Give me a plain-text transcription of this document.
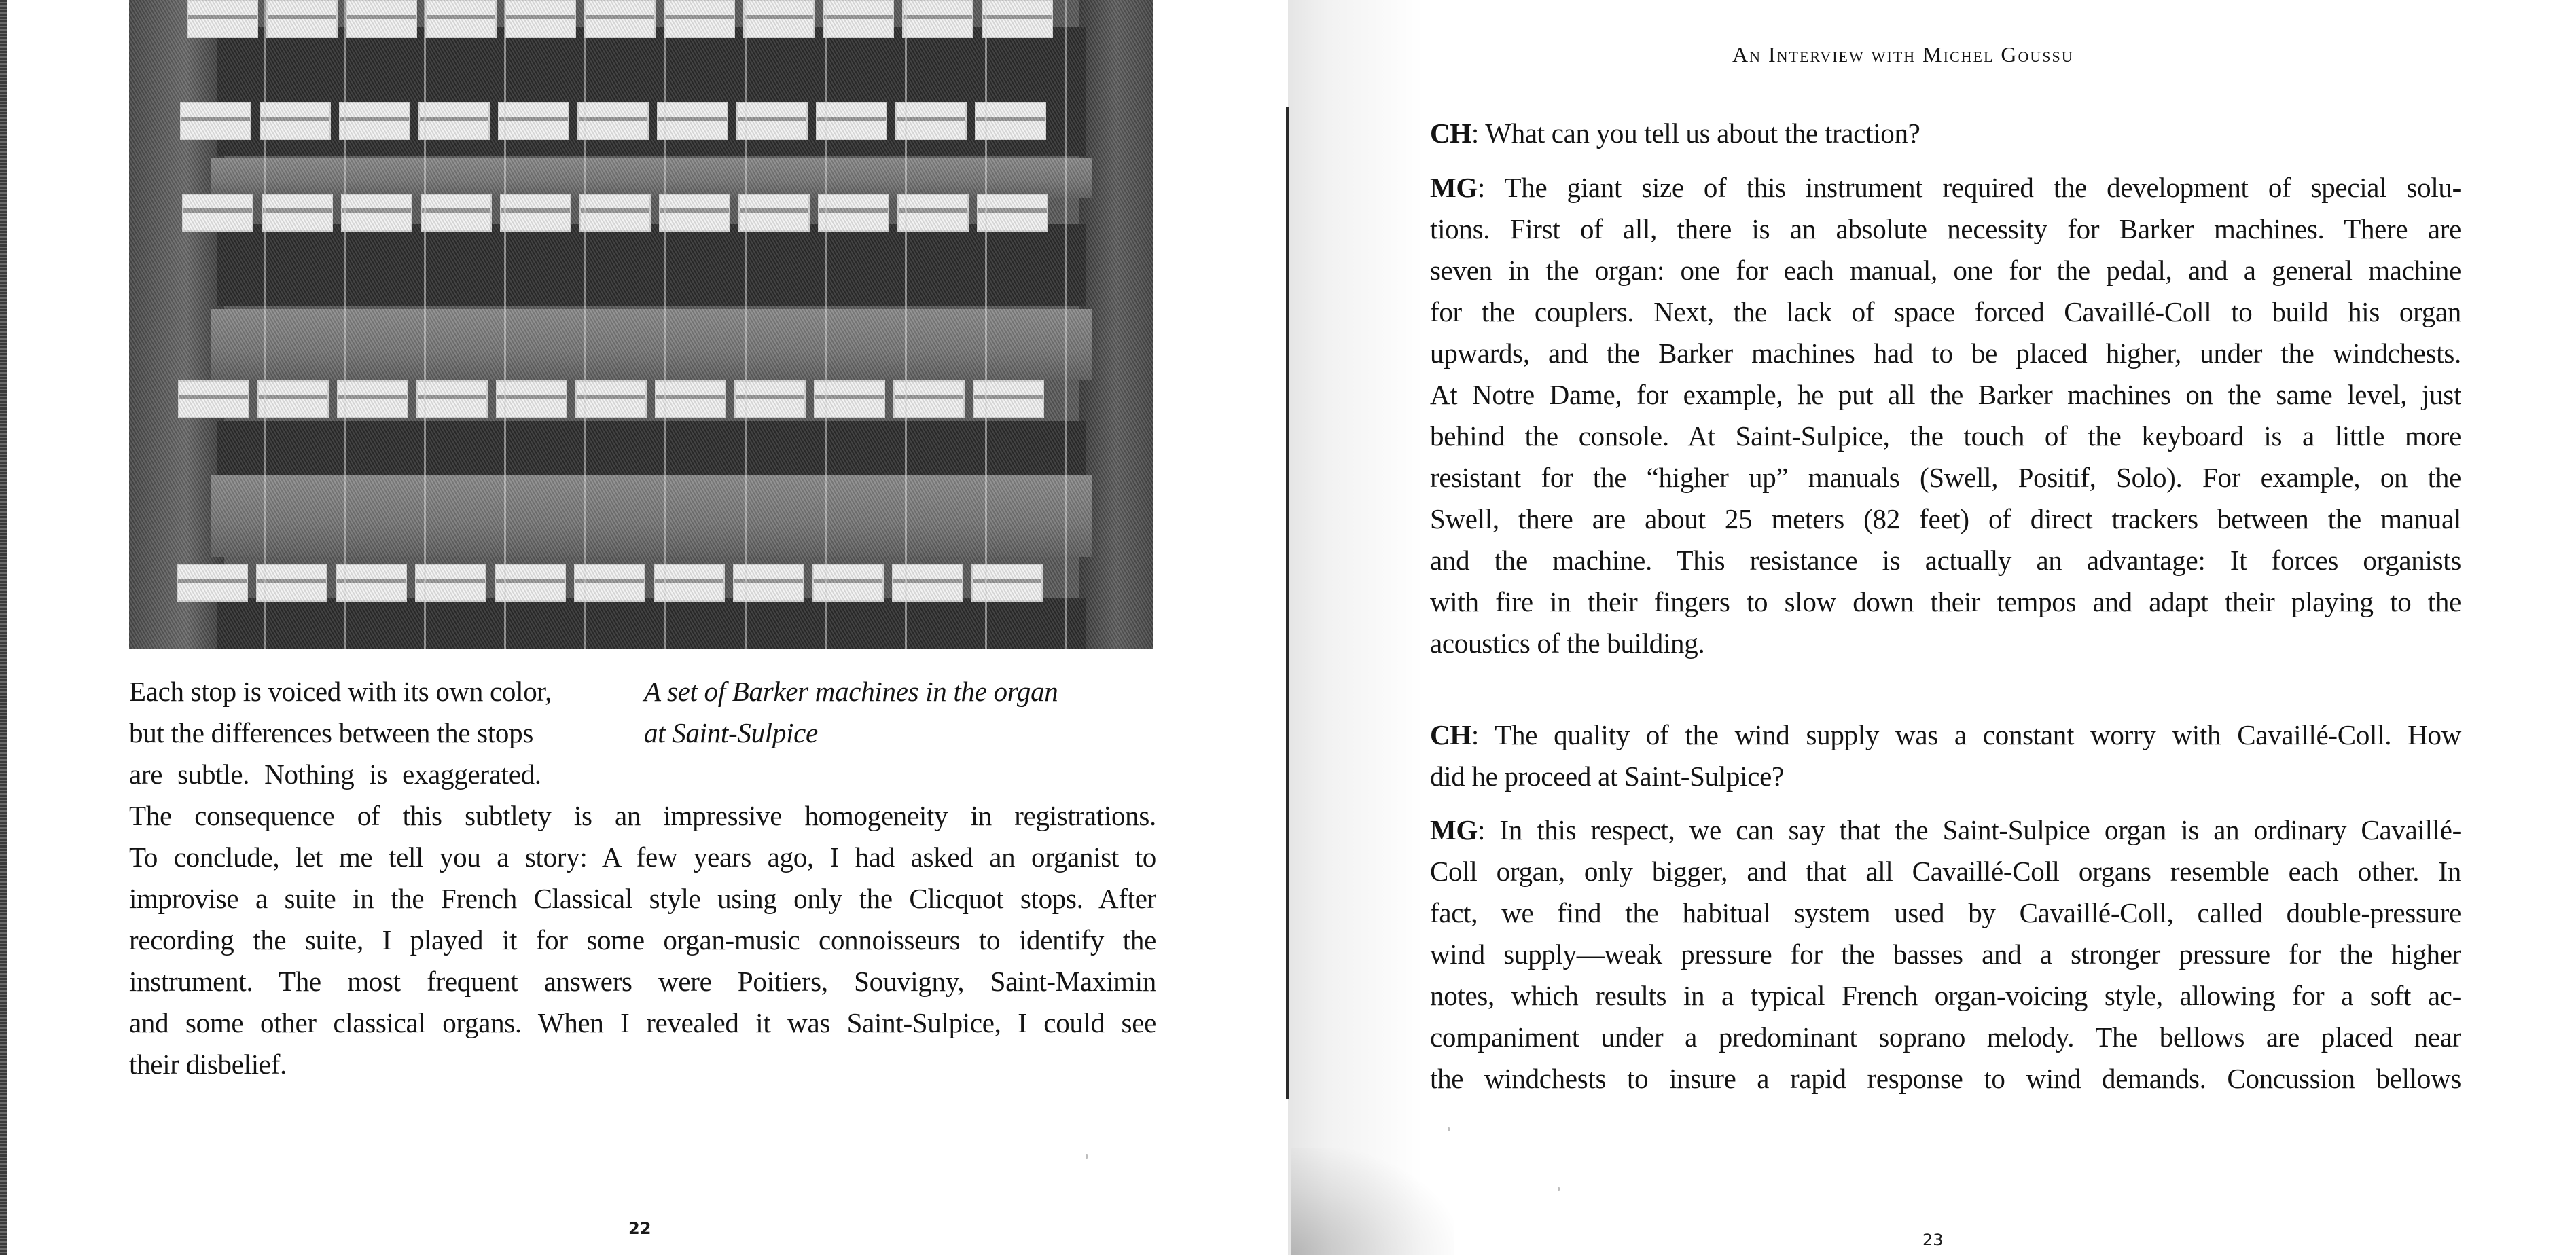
Each stop is voiced with its own color,
but the differences between the stops
are subtle. Nothing is exaggerated.
A set of Barker machines in the organ
at Saint-Sulpice
The consequence of this subtlety is an impressive homogeneity in registrations.
To conclude, let me tell you a story: A few years ago, I had asked an organist to
improvise a suite in the French Classical style using only the Clicquot stops. After
recording the suite, I played it for some organ-music connoisseurs to identify the
instrument. The most frequent answers were Poitiers, Souvigny, Saint-Maximin
and some other classical organs. When I revealed it was Saint-Sulpice, I could see
their disbelief.
22
An Interview with Michel Goussu
CH: What can you tell us about the traction?
MG: The giant size of this instrument required the development of special solu-
tions. First of all, there is an absolute necessity for Barker machines. There are
seven in the organ: one for each manual, one for the pedal, and a general machine
for the couplers. Next, the lack of space forced Cavaillé-Coll to build his organ
upwards, and the Barker machines had to be placed higher, under the windchests.
At Notre Dame, for example, he put all the Barker machines on the same level, just
behind the console. At Saint-Sulpice, the touch of the keyboard is a little more
resistant for the “higher up” manuals (Swell, Positif, Solo). For example, on the
Swell, there are about 25 meters (82 feet) of direct trackers between the manual
and the machine. This resistance is actually an advantage: It forces organists
with fire in their fingers to slow down their tempos and adapt their playing to the
acoustics of the building.
CH: The quality of the wind supply was a constant worry with Cavaillé-Coll. How
did he proceed at Saint-Sulpice?
MG: In this respect, we can say that the Saint-Sulpice organ is an ordinary Cavaillé-
Coll organ, only bigger, and that all Cavaillé-Coll organs resemble each other. In
fact, we find the habitual system used by Cavaillé-Coll, called double-pressure
wind supply—weak pressure for the basses and a stronger pressure for the higher
notes, which results in a typical French organ-voicing style, allowing for a soft ac-
companiment under a predominant soprano melody. The bellows are placed near
the windchests to insure a rapid response to wind demands. Concussion bellows
23
